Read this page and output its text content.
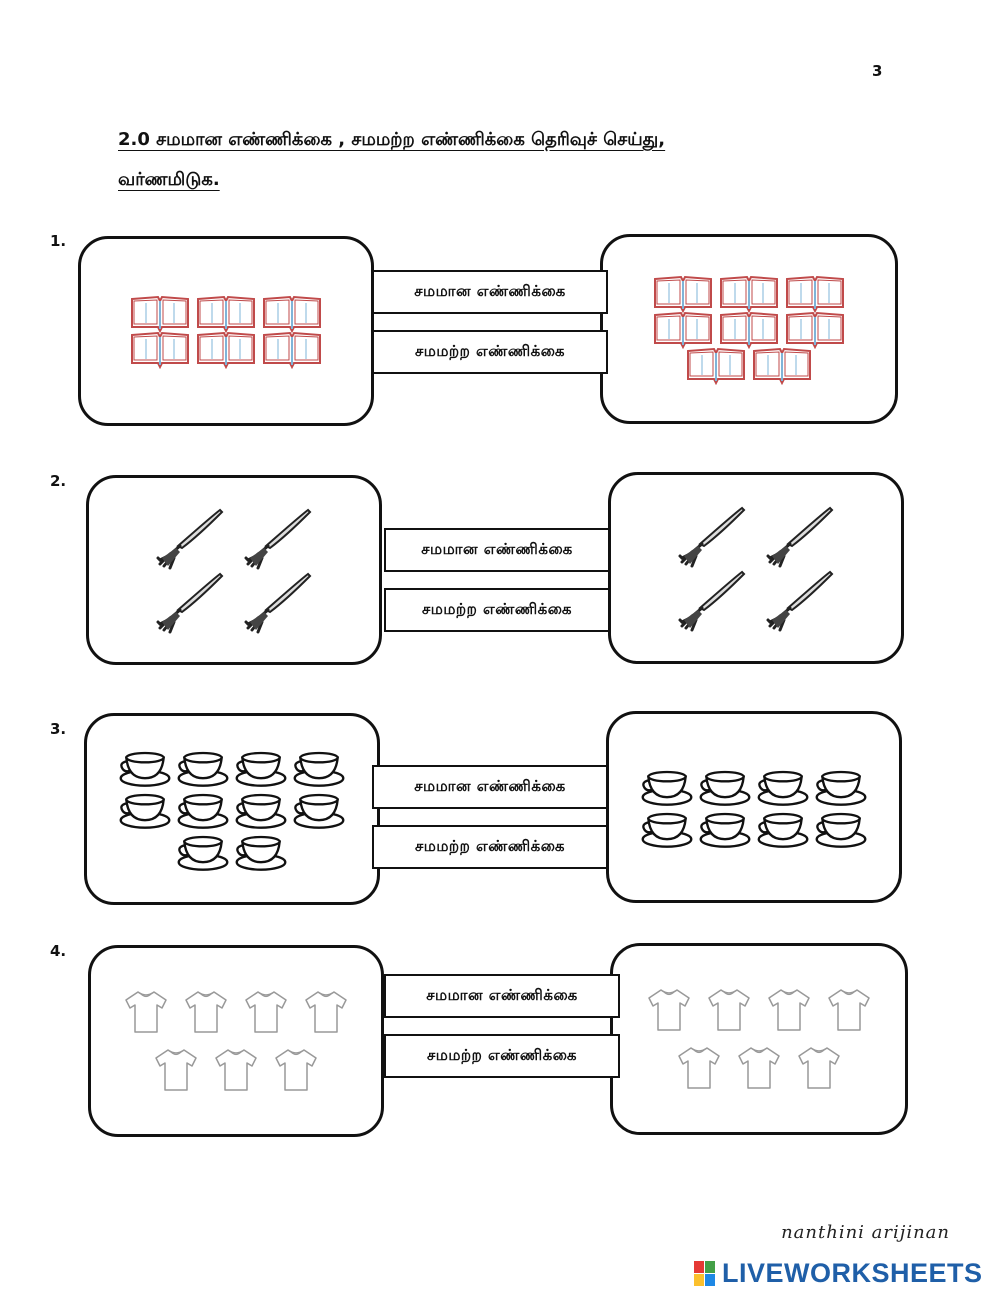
3
2.0 சமமான எண்ணிக்கை , சமமற்ற எண்ணிக்கை தெரிவுச் செய்து,
வர்ணமிடுக.
1.
சமமான எண்ணிக்கை
சமமற்ற எண்ணிக்கை
2.
சமமான எண்ணிக்கை
சமமற்ற எண்ணிக்கை
3.
சமமான எண்ணிக்கை
சமமற்ற எண்ணிக்கை
4.
சமமான எண்ணிக்கை
சமமற்ற எண்ணிக்கை
nanthini arijinan
LIVEWORKSHEETS
